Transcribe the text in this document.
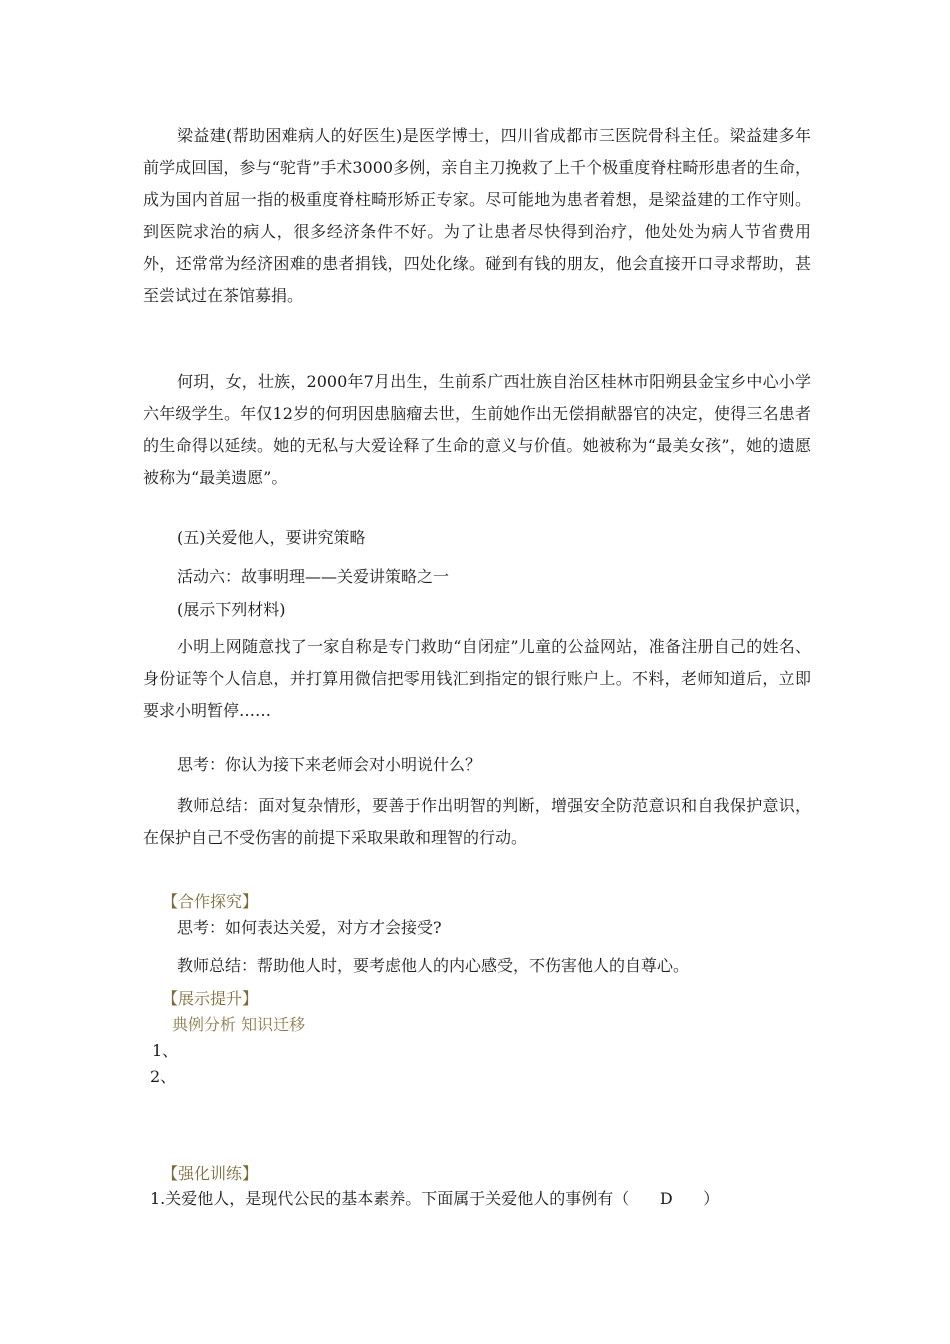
梁益建(帮助困难病人的好医生)是医学博士，四川省成都市三医院骨科主任。梁益建多年前学成回国，参与“驼背”手术3000多例，亲自主刀挽救了上千个极重度脊柱畸形患者的生命，成为国内首屈一指的极重度脊柱畸形矫正专家。尽可能地为患者着想，是梁益建的工作守则。到医院求治的病人，很多经济条件不好。为了让患者尽快得到治疗，他处处为病人节省费用外，还常常为经济困难的患者捐钱，四处化缘。碰到有钱的朋友，他会直接开口寻求帮助，甚至尝试过在茶馆募捐。

何玥，女，壮族，2000年7月出生，生前系广西壮族自治区桂林市阳朔县金宝乡中心小学六年级学生。年仅12岁的何玥因患脑瘤去世，生前她作出无偿捐献器官的决定，使得三名患者的生命得以延续。她的无私与大爱诠释了生命的意义与价值。她被称为“最美女孩”，她的遗愿被称为“最美遗愿”。

(五)关爱他人，要讲究策略

活动六：故事明理——关爱讲策略之一

(展示下列材料)

小明上网随意找了一家自称是专门救助“自闭症”儿童的公益网站，准备注册自己的姓名、身份证等个人信息，并打算用微信把零用钱汇到指定的银行账户上。不料，老师知道后，立即要求小明暂停……

思考：你认为接下来老师会对小明说什么？

教师总结：面对复杂情形，要善于作出明智的判断，增强安全防范意识和自我保护意识，在保护自己不受伤害的前提下采取果敢和理智的行动。

【合作探究】

思考：如何表达关爱，对方才会接受?

教师总结：帮助他人时，要考虑他人的内心感受，不伤害他人的自尊心。

【展示提升】

典例分析 知识迁移

1、

2、

【强化训练】

1.关爱他人，是现代公民的基本素养。下面属于关爱他人的事例有（ D ）
